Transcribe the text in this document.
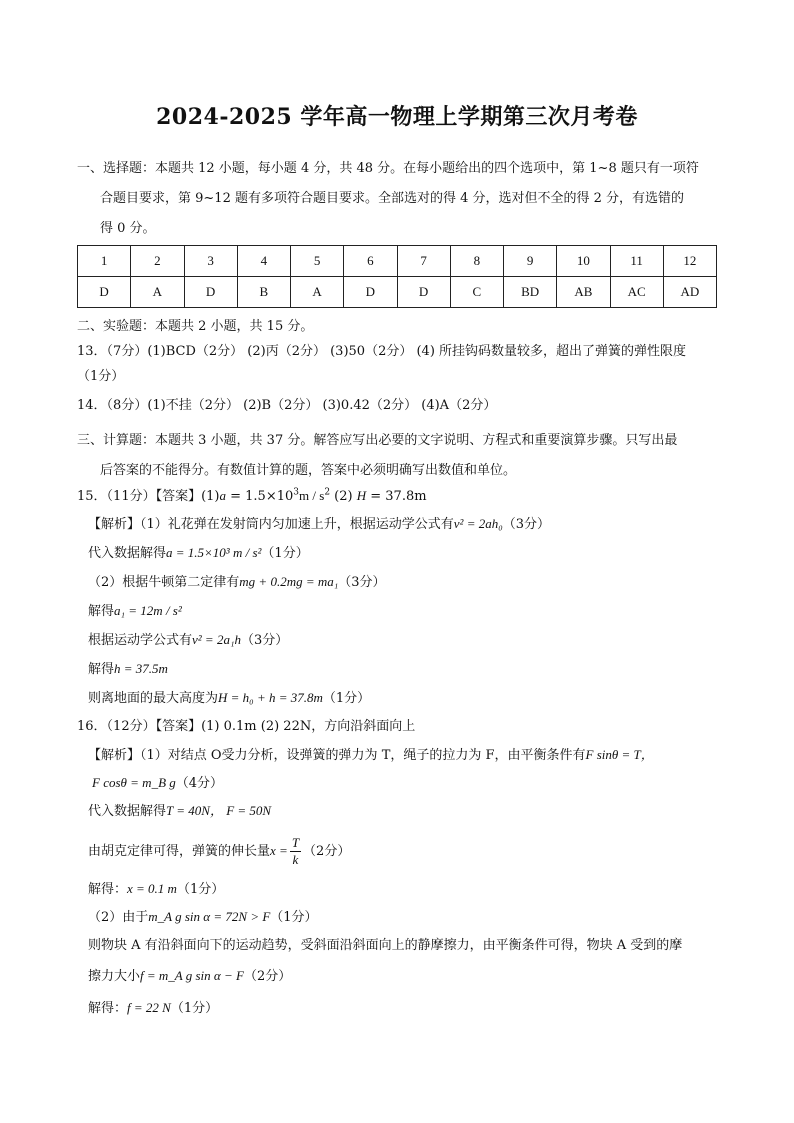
2024-2025 学年高一物理上学期第三次月考卷
一、选择题：本题共 12 小题，每小题 4 分，共 48 分。在每小题给出的四个选项中，第 1~8 题只有一项符
合题目要求，第 9~12 题有多项符合题目要求。全部选对的得 4 分，选对但不全的得 2 分，有选错的
得 0 分。
1	2	3	4	5	6	7	8	9	10	11	12
D	A	D	B	A	D	D	C	BD	AB	AC	AD
二、实验题：本题共 2 小题，共 15 分。
13．（7分）(1)BCD（2分） (2)丙（2分） (3)50（2分） (4) 所挂钩码数量较多，超出了弹簧的弹性限度
（1分）
14．（8分）(1)不挂（2分） (2)B（2分） (3)0.42（2分） (4)A（2分）
三、计算题：本题共 3 小题，共 37 分。解答应写出必要的文字说明、方程式和重要演算步骤。只写出最
后答案的不能得分。有数值计算的题，答案中必须明确写出数值和单位。
15．（11分）【答案】$(1)a = 1.5\times 10^3m / s^2$ (2) H = 37.8m
【解析】（1）礼花弹在发射筒内匀加速上升，根据运动学公式有v² = 2ah₀（3分）
代入数据解得a = 1.5×10³ m / s²（1分）
（2）根据牛顿第二定律有mg + 0.2mg = ma₁（3分）
解得a₁ = 12m / s²
根据运动学公式有v² = 2a₁h（3分）
解得h = 37.5m
则离地面的最大高度为H = h₀ + h = 37.8m（1分）
16．（12分）【答案】(1) 0.1m (2) 22N，方向沿斜面向上
【解析】（1）对结点 O受力分析，设弹簧的弹力为 T，绳子的拉力为 F，由平衡条件有F sinθ = T，
F cosθ = m_B g（4分）
代入数据解得T = 40N， F = 50N
由胡克定律可得，弹簧的伸长量$x = \frac{T}{k} (2$分）
解得：x = 0.1 m（1分）
（2）由于m_A g sin α = 72N > F（1分）
则物块 A 有沿斜面向下的运动趋势，受斜面沿斜面向上的静摩擦力，由平衡条件可得，物块 A 受到的摩
擦力大小f = m_A g sin α − F（2分）
解得：f = 22 N（1分）
